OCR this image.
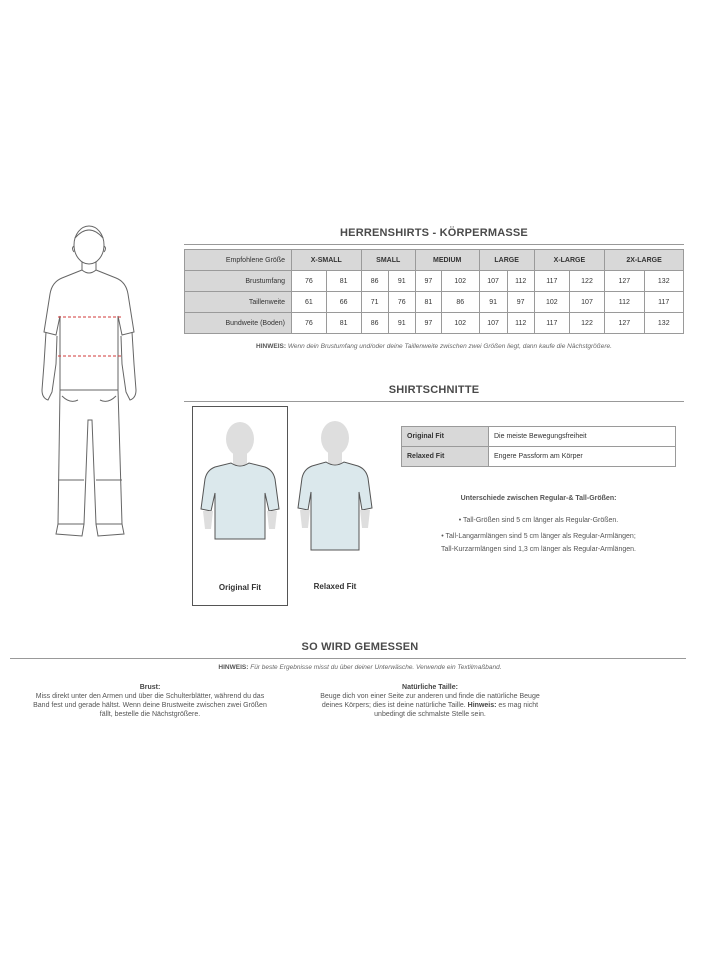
HERRENSHIRTS - KÖRPERMASSE
Empfohlene Größe	X-SMALL		SMALL		MEDIUM		LARGE		X-LARGE		2X-LARGE	
Brustumfang	76	81	86	91	97	102	107	112	117	122	127	132
Taillenweite	61	66	71	76	81	86	91	97	102	107	112	117
Bundweite (Boden)	76	81	86	91	97	102	107	112	117	122	127	132
HINWEIS: Wenn dein Brustumfang und/oder deine Taillenweite zwischen zwei Größen liegt, dann kaufe die Nächstgrößere.
SHIRTSCHNITTE
Original Fit	Relaxed Fit
Original Fit	Die meiste Bewegungsfreiheit
Relaxed Fit	Engere Passform am Körper
Unterschiede zwischen Regular-& Tall-Größen:
• Tall-Größen sind 5 cm länger als Regular-Größen.
• Tall-Langarmlängen sind 5 cm länger als Regular-Armlängen;
Tall-Kurzarmlängen sind 1,3 cm länger als Regular-Armlängen.
SO WIRD GEMESSEN
HINWEIS: Für beste Ergebnisse misst du über deiner Unterwäsche. Verwende ein Textilmaßband.
Brust:
Miss direkt unter den Armen und über die Schulterblätter, während du das
Band fest und gerade hältst. Wenn deine Brustweite zwischen zwei Größen
fällt, bestelle die Nächstgrößere.
Natürliche Taille:
Beuge dich von einer Seite zur anderen und finde die natürliche Beuge
deines Körpers; dies ist deine natürliche Taille. Hinweis: es mag nicht
unbedingt die schmalste Stelle sein.
